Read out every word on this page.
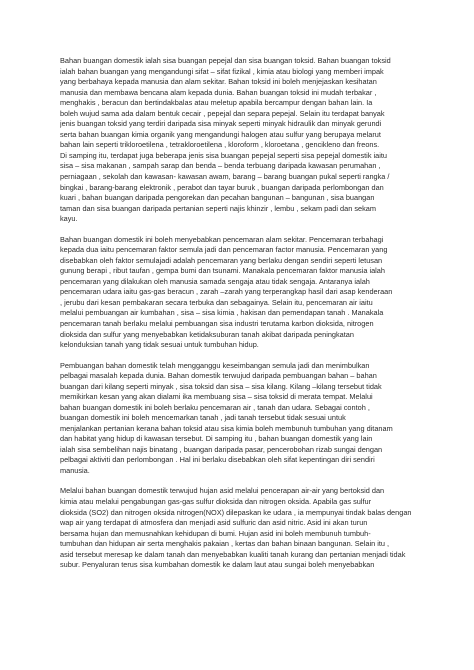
Bahan buangan domestik ialah sisa buangan pepejal dan sisa buangan toksid. Bahan buangan toksid
ialah bahan buangan yang mengandungi sifat – sifat fizikal , kimia atau biologi yang memberi impak
yang berbahaya kepada manusia dan alam sekitar. Bahan toksid ini boleh menjejaskan kesihatan
manusia dan membawa bencana alam kepada dunia. Bahan buangan toksid ini mudah terbakar ,
menghakis , beracun dan bertindakbalas atau meletup apabila bercampur dengan bahan lain. Ia
boleh wujud sama ada dalam bentuk cecair , pepejal dan separa pepejal. Selain itu terdapat banyak
jenis buangan toksid yang terdiri daripada sisa minyak seperti minyak hidraulik dan minyak gerundi
serta bahan buangan kimia organik yang mengandungi halogen atau sulfur yang berupaya melarut
bahan lain seperti trikloroetilena , tetrakloroetilena , kloroform , kloroetana , gencikleno dan freons.
Di samping itu, terdapat juga beberapa jenis sisa buangan pepejal seperti sisa pepejal domestik iaitu
sisa – sisa makanan , sampah sarap dan benda – benda terbuang daripada kawasan perumahan ,
perniagaan , sekolah dan kawasan- kawasan awam, barang – barang buangan pukal seperti rangka /
bingkai , barang-barang elektronik , perabot dan tayar buruk , buangan daripada perlombongan dan
kuari , bahan buangan daripada pengorekan dan pecahan bangunan – bangunan , sisa buangan
taman dan sisa buangan daripada pertanian seperti najis khinzir , lembu , sekam padi dan sekam
kayu.
Bahan buangan domestik ini boleh menyebabkan pencemaran alam sekitar. Pencemaran terbahagi
kepada dua iaitu pencemaran faktor semula jadi dan pencemaran factor manusia. Pencemaran yang
disebabkan oleh faktor semulajadi adalah pencemaran yang berlaku dengan sendiri seperti letusan
gunung berapi , ribut taufan , gempa bumi dan tsunami. Manakala pencemaran faktor manusia ialah
pencemaran yang dilakukan oleh manusia samada sengaja atau tidak sengaja. Antaranya ialah
pencemaran udara iaitu gas-gas beracun , zarah –zarah yang terperangkap hasil dari asap kenderaan
, jerubu dari kesan pembakaran secara terbuka dan sebagainya. Selain itu, pencemaran air iaitu
melalui pembuangan air kumbahan , sisa – sisa kimia , hakisan dan pemendapan tanah . Manakala
pencemaran tanah berlaku melalui pembuangan sisa industri terutama karbon dioksida, nitrogen
dioksida dan sulfur yang menyebabkan ketidaksuburan tanah akibat daripada peningkatan
kelonduksian tanah yang tidak sesuai untuk tumbuhan hidup.
Pembuangan bahan domestik telah mengganggu keseimbangan semula jadi dan menimbulkan
pelbagai masalah kepada dunia. Bahan domestik terwujud daripada pembuangan bahan – bahan
buangan dari kilang seperti minyak , sisa toksid dan sisa – sisa kilang. Kilang –kilang tersebut tidak
memikirkan kesan yang akan dialami ika membuang sisa – sisa toksid di merata tempat. Melalui
bahan buangan domestik ini boleh berlaku pencemaran air , tanah dan udara. Sebagai contoh ,
buangan domestik ini boleh mencemarkan tanah , jadi tanah tersebut tidak sesuai untuk
menjalankan pertanian kerana bahan toksid atau sisa kimia boleh membunuh tumbuhan yang ditanam
dan habitat yang hidup di kawasan tersebut. Di samping itu , bahan buangan domestik yang lain
ialah sisa sembelihan najis binatang , buangan daripada pasar, pencerobohan rizab sungai dengan
pelbagai aktiviti dan perlombongan . Hal ini berlaku disebabkan oleh sifat kepentingan diri sendiri
manusia.
Melalui bahan buangan domestik terwujud hujan asid melalui pencerapan air-air yang bertoksid dan
kimia atau melalui pengabungan gas-gas sulfur dioksida dan nitrogen oksida. Apabila gas sulfur
dioksida (SO2) dan nitrogen oksida nitrogen(NOX) dilepaskan ke udara , ia mempunyai tindak balas dengan
wap air yang terdapat di atmosfera dan menjadi asid sulfuric dan asid nitric. Asid ini akan turun
bersama hujan dan memusnahkan kehidupan di bumi. Hujan asid ini boleh membunuh tumbuh-
tumbuhan dan hidupan air serta menghakis pakaian , kertas dan bahan binaan bangunan. Selain itu ,
asid tersebut meresap ke dalam tanah dan menyebabkan kualiti tanah kurang dan pertanian menjadi tidak
subur. Penyaluran terus sisa kumbahan domestik ke dalam laut atau sungai boleh menyebabkan
